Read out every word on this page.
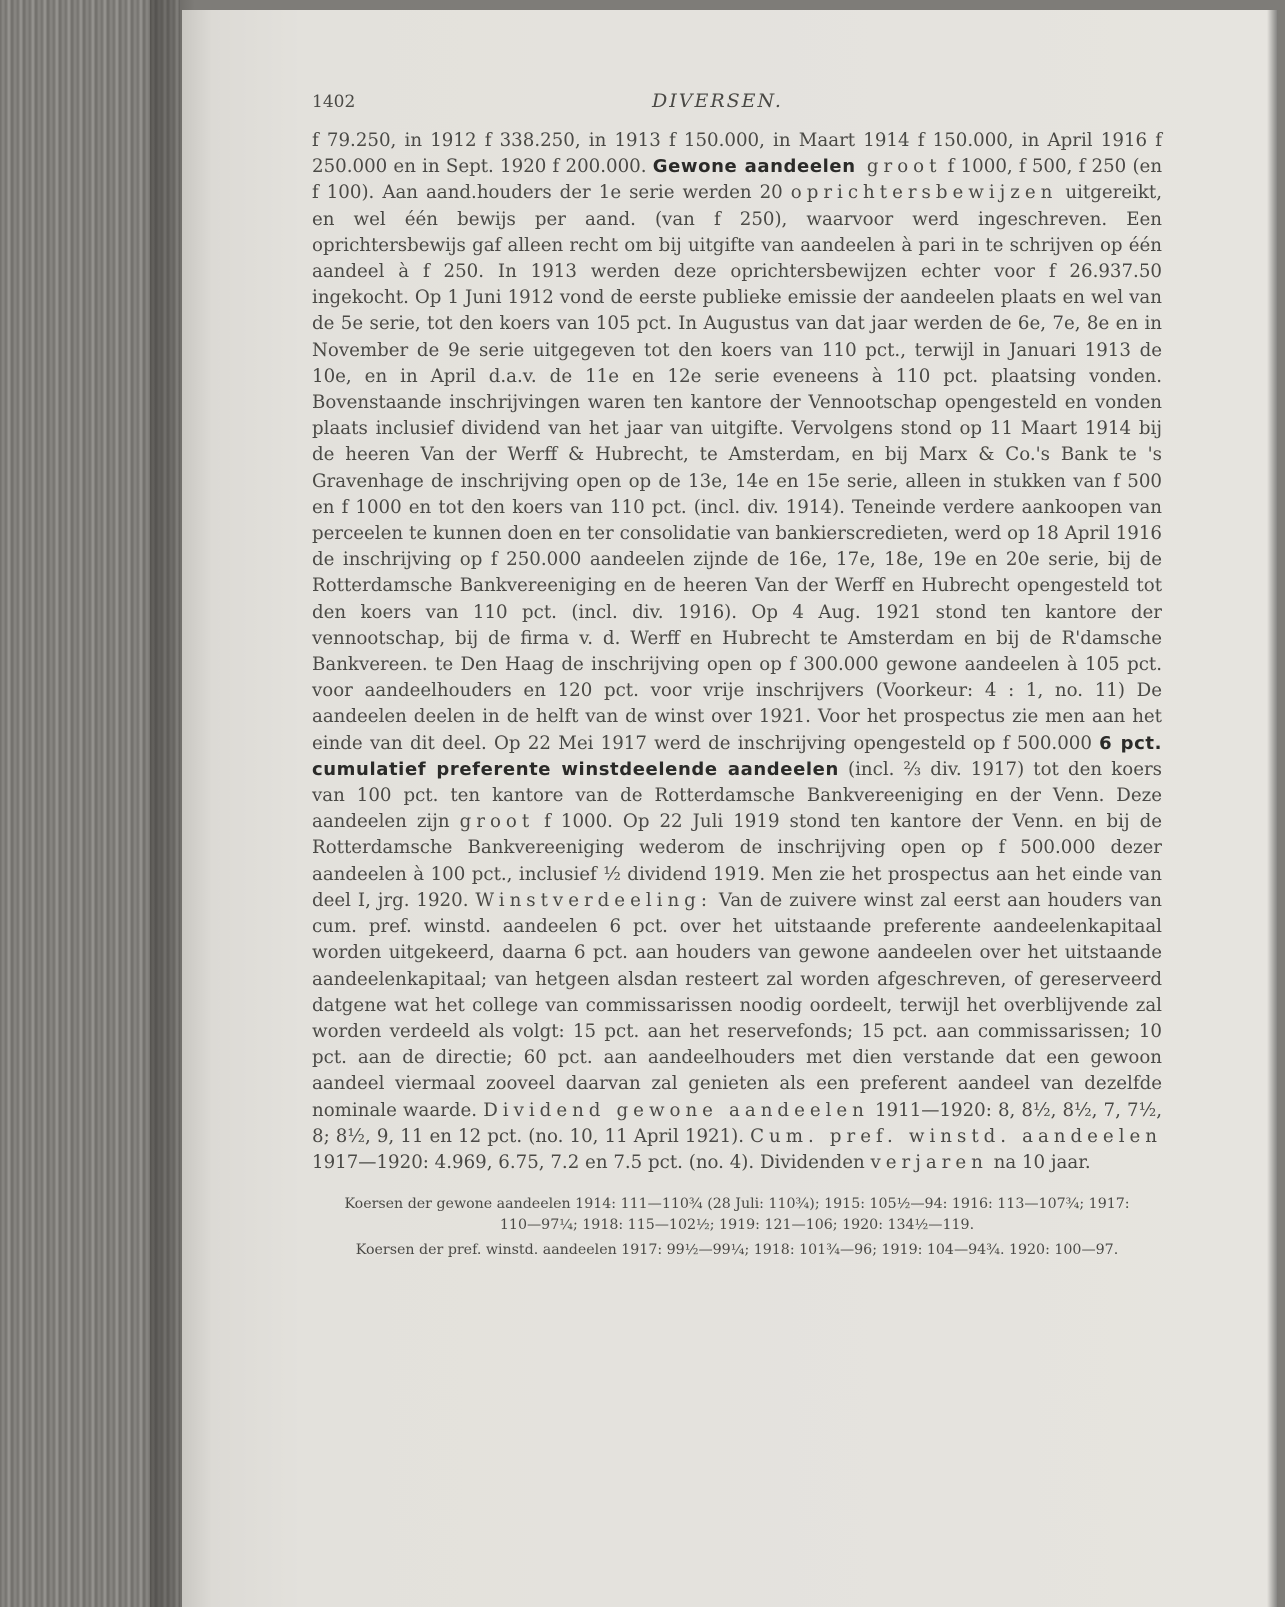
1402	DIVERSEN.

f 79.250, in 1912 f 338.250, in 1913 f 150.000, in Maart 1914 f 150.000, in April 1916 f 250.000 en in Sept. 1920 f 200.000. Gewone aandeelen groot f 1000, f 500, f 250 (en f 100). Aan aand.houders der 1e serie werden 20 oprichtersbewijzen uitgereikt, en wel één bewijs per aand. (van f 250), waarvoor werd ingeschreven. Een oprichtersbewijs gaf alleen recht om bij uitgifte van aandeelen à pari in te schrijven op één aandeel à f 250. In 1913 werden deze oprichtersbewijzen echter voor f 26.937.50 ingekocht. Op 1 Juni 1912 vond de eerste publieke emissie der aandeelen plaats en wel van de 5e serie, tot den koers van 105 pct. In Augustus van dat jaar werden de 6e, 7e, 8e en in November de 9e serie uitgegeven tot den koers van 110 pct., terwijl in Januari 1913 de 10e, en in April d.a.v. de 11e en 12e serie eveneens à 110 pct. plaatsing vonden. Bovenstaande inschrijvingen waren ten kantore der Vennootschap opengesteld en vonden plaats inclusief dividend van het jaar van uitgifte. Vervolgens stond op 11 Maart 1914 bij de heeren Van der Werff & Hubrecht, te Amsterdam, en bij Marx & Co.'s Bank te 's Gravenhage de inschrijving open op de 13e, 14e en 15e serie, alleen in stukken van f 500 en f 1000 en tot den koers van 110 pct. (incl. div. 1914). Teneinde verdere aankoopen van perceelen te kunnen doen en ter consolidatie van bankierscredieten, werd op 18 April 1916 de inschrijving op f 250.000 aandeelen zijnde de 16e, 17e, 18e, 19e en 20e serie, bij de Rotterdamsche Bankvereeniging en de heeren Van der Werff en Hubrecht opengesteld tot den koers van 110 pct. (incl. div. 1916). Op 4 Aug. 1921 stond ten kantore der vennootschap, bij de firma v. d. Werff en Hubrecht te Amsterdam en bij de R'damsche Bankvereen. te Den Haag de inschrijving open op f 300.000 gewone aandeelen à 105 pct. voor aandeelhouders en 120 pct. voor vrije inschrijvers (Voorkeur: 4 : 1, no. 11) De aandeelen deelen in de helft van de winst over 1921. Voor het prospectus zie men aan het einde van dit deel. Op 22 Mei 1917 werd de inschrijving opengesteld op f 500.000 6 pct. cumulatief preferente winstdeelende aandeelen (incl. ⅔ div. 1917) tot den koers van 100 pct. ten kantore van de Rotterdamsche Bankvereeniging en der Venn. Deze aandeelen zijn groot f 1000. Op 22 Juli 1919 stond ten kantore der Venn. en bij de Rotterdamsche Bankvereeniging wederom de inschrijving open op f 500.000 dezer aandeelen à 100 pct., inclusief ½ dividend 1919. Men zie het prospectus aan het einde van deel I, jrg. 1920. Winstverdeeling: Van de zuivere winst zal eerst aan houders van cum. pref. winstd. aandeelen 6 pct. over het uitstaande preferente aandeelenkapitaal worden uitgekeerd, daarna 6 pct. aan houders van gewone aandeelen over het uitstaande aandeelenkapitaal; van hetgeen alsdan resteert zal worden afgeschreven, of gereserveerd datgene wat het college van commissarissen noodig oordeelt, terwijl het overblijvende zal worden verdeeld als volgt: 15 pct. aan het reservefonds; 15 pct. aan commissarissen; 10 pct. aan de directie; 60 pct. aan aandeelhouders met dien verstande dat een gewoon aandeel viermaal zooveel daarvan zal genieten als een preferent aandeel van dezelfde nominale waarde. Dividend gewone aandeelen 1911—1920: 8, 8½, 8½, 7, 7½, 8; 8½, 9, 11 en 12 pct. (no. 10, 11 April 1921). Cum. pref. winstd. aandeelen 1917—1920: 4.969, 6.75, 7.2 en 7.5 pct. (no. 4). Dividenden verjaren na 10 jaar.

Koersen der gewone aandeelen 1914: 111—110¾ (28 Juli: 110¾); 1915: 105½—94: 1916: 113—107¾; 1917: 110—97¼; 1918: 115—102½; 1919: 121—106; 1920: 134½—119.

Koersen der pref. winstd. aandeelen 1917: 99½—99¼; 1918: 101¾—96; 1919: 104—94¾. 1920: 100—97.
